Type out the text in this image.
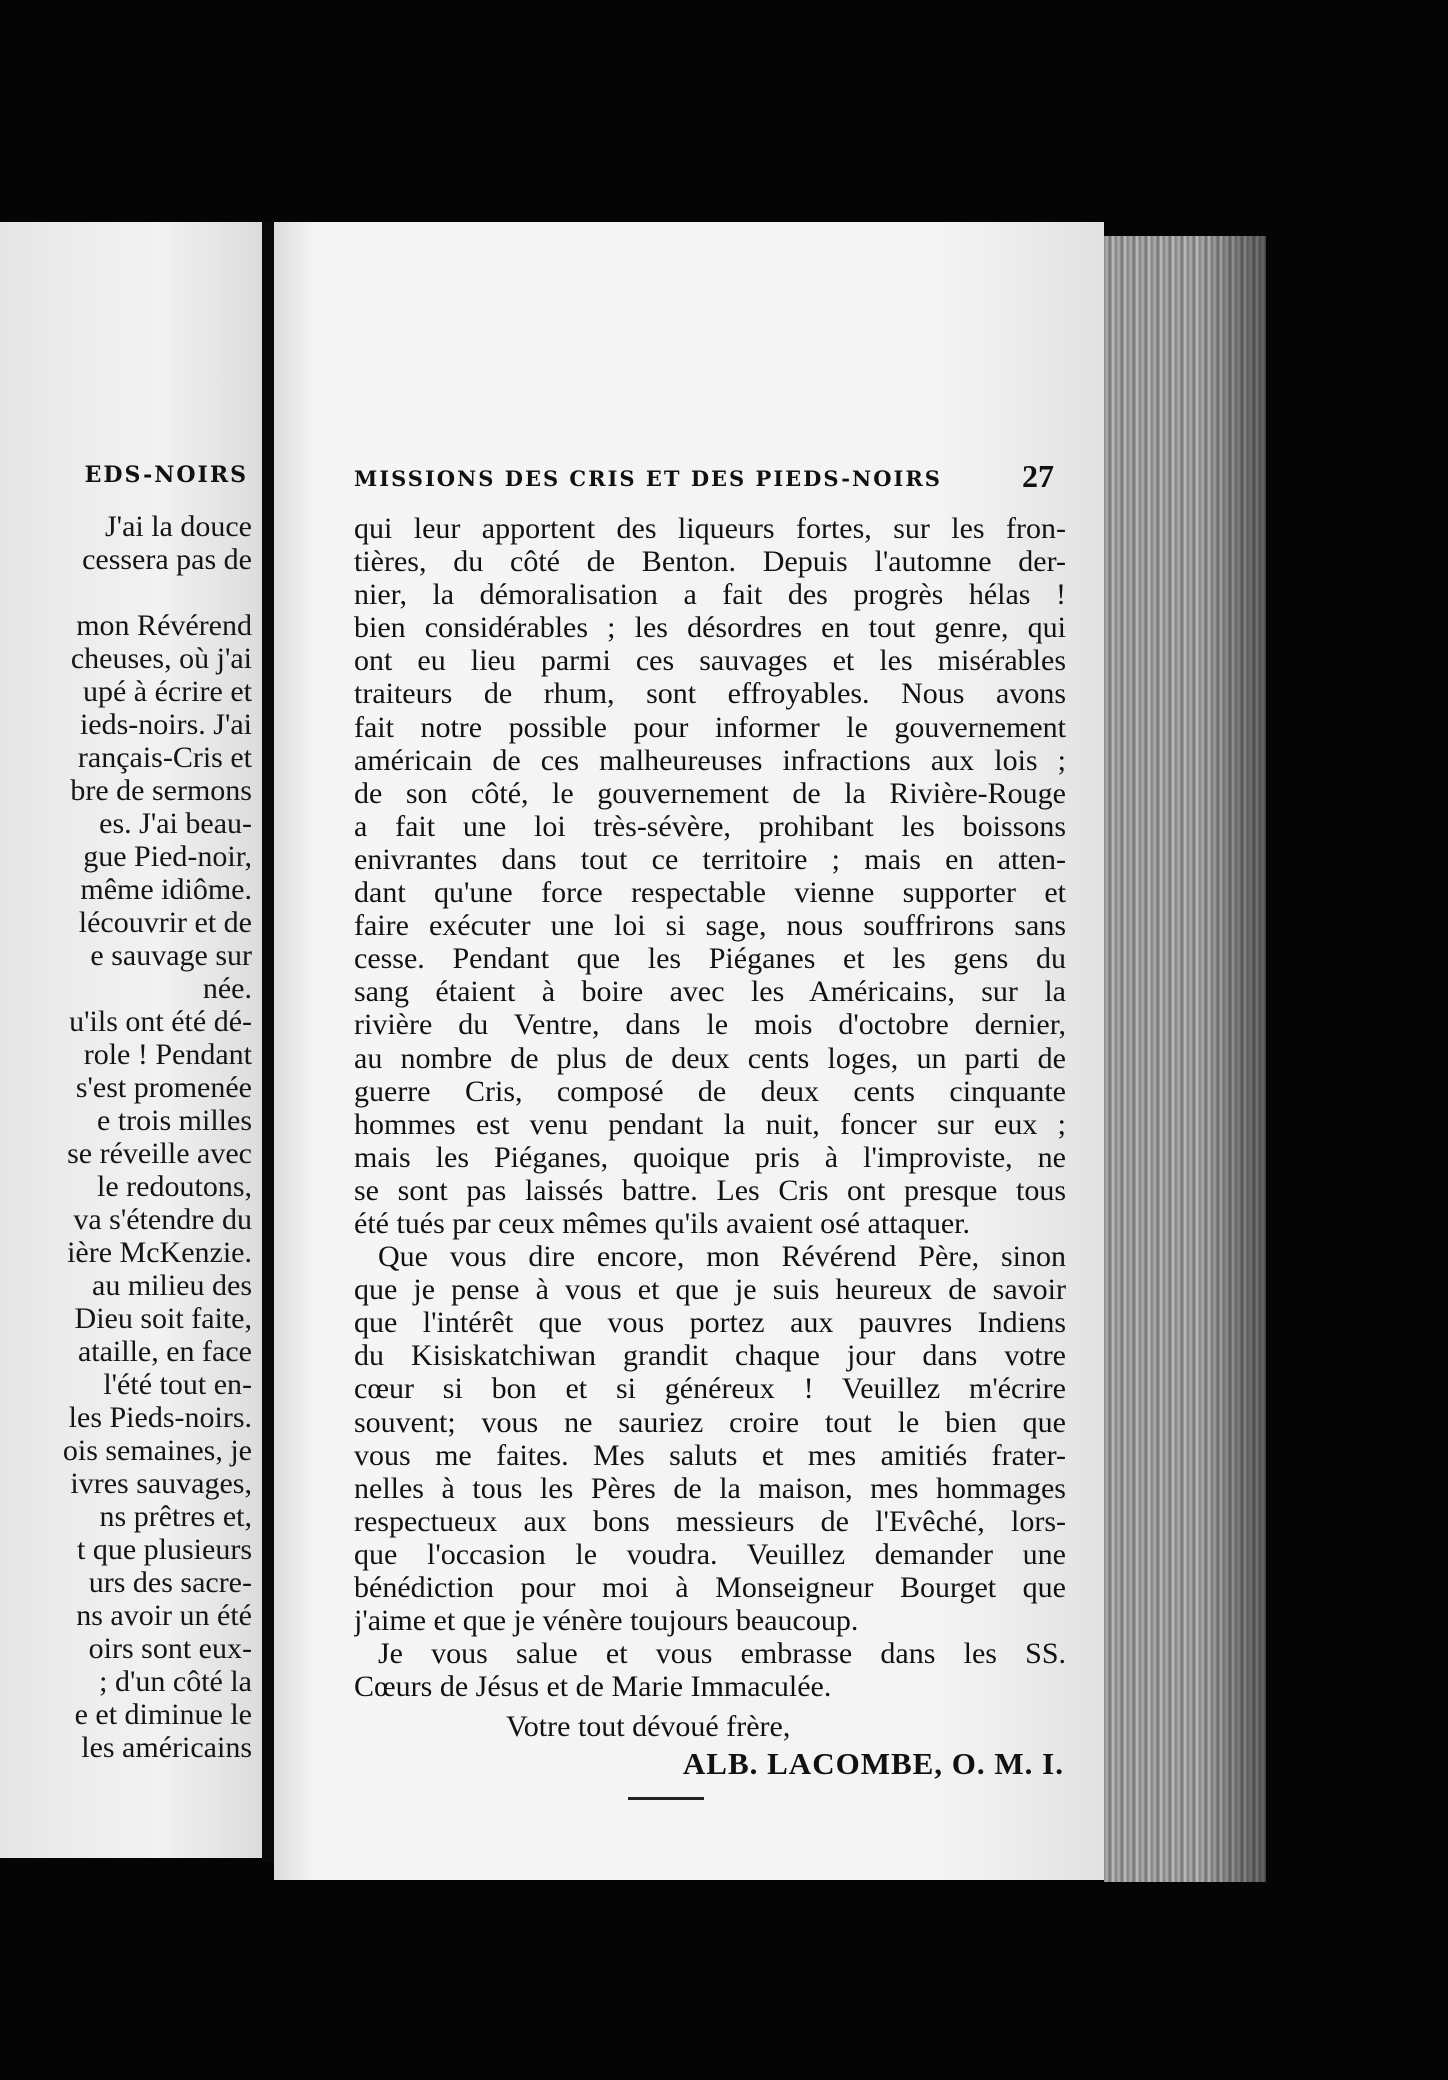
EDS-NOIRS
J'ai la douce
cessera pas de
mon Révérend
cheuses, où j'ai
upé à écrire et
ieds-noirs. J'ai
rançais-Cris et
bre de sermons
es. J'ai beau-
gue Pied-noir,
même idiôme.
lécouvrir et de
e sauvage sur
née.
u'ils ont été dé-
role ! Pendant
s'est promenée
e trois milles
se réveille avec
le redoutons,
va s'étendre du
ière McKenzie.
au milieu des
Dieu soit faite,
ataille, en face
l'été tout en-
les Pieds-noirs.
ois semaines, je
ivres sauvages,
ns prêtres et,
t que plusieurs
urs des sacre-
ns avoir un été
oirs sont eux-
; d'un côté la
e et diminue le
les américains
MISSIONS DES CRIS ET DES PIEDS-NOIRS	27
qui leur apportent des liqueurs fortes, sur les fron-
tières, du côté de Benton. Depuis l'automne der-
nier, la démoralisation a fait des progrès hélas !
bien considérables ; les désordres en tout genre, qui
ont eu lieu parmi ces sauvages et les misérables
traiteurs de rhum, sont effroyables. Nous avons
fait notre possible pour informer le gouvernement
américain de ces malheureuses infractions aux lois ;
de son côté, le gouvernement de la Rivière-Rouge
a fait une loi très-sévère, prohibant les boissons
enivrantes dans tout ce territoire ; mais en atten-
dant qu'une force respectable vienne supporter et
faire exécuter une loi si sage, nous souffrirons sans
cesse. Pendant que les Piéganes et les gens du
sang étaient à boire avec les Américains, sur la
rivière du Ventre, dans le mois d'octobre dernier,
au nombre de plus de deux cents loges, un parti de
guerre Cris, composé de deux cents cinquante
hommes est venu pendant la nuit, foncer sur eux ;
mais les Piéganes, quoique pris à l'improviste, ne
se sont pas laissés battre. Les Cris ont presque tous
été tués par ceux mêmes qu'ils avaient osé attaquer.
Que vous dire encore, mon Révérend Père, sinon
que je pense à vous et que je suis heureux de savoir
que l'intérêt que vous portez aux pauvres Indiens
du Kisiskatchiwan grandit chaque jour dans votre
cœur si bon et si généreux ! Veuillez m'écrire
souvent; vous ne sauriez croire tout le bien que
vous me faites. Mes saluts et mes amitiés frater-
nelles à tous les Pères de la maison, mes hommages
respectueux aux bons messieurs de l'Evêché, lors-
que l'occasion le voudra. Veuillez demander une
bénédiction pour moi à Monseigneur Bourget que
j'aime et que je vénère toujours beaucoup.
Je vous salue et vous embrasse dans les SS.
Cœurs de Jésus et de Marie Immaculée.
Votre tout dévoué frère,
ALB. LACOMBE, O. M. I.
